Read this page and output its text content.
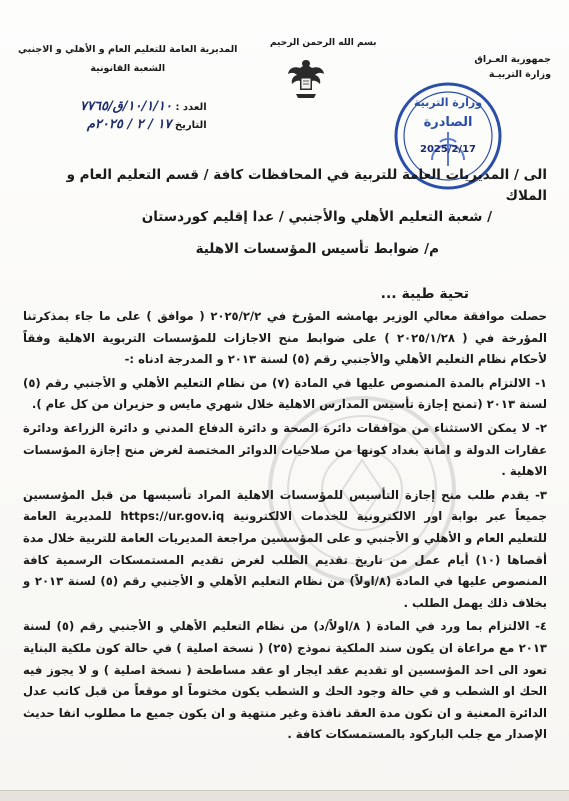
جمهورية العـراق
وزارة التربيـة
المديرية العامة للتعليم العام و الأهلي و الاجنبي
الشعبة القانونية
بسم الله الرحمن الرحيم
العدد : ١٠/١/١٠/ق/٧٧٦٥
التاريخ ١٧ / ٢ / ٢٠٢٥م
وزارة التربية
الصادرة
2025/2/17
الى / المديريات العامة للتربية في المحافظات كافة / قسم التعليم العام و الملاك
/ شعبة التعليم الأهلي والأجنبي / عدا إقليم كوردستان
م/ ضوابط تأسيس المؤسسات الاهلية
تحية طيبة ...

حصلت موافقة معالي الوزير بهامشه المؤرخ في ٢٠٢٥/٢/٢ ( موافق ) على ما جاء بمذكرتنا المؤرخة في ( ٢٠٢٥/١/٢٨ ) على ضوابط منح الاجازات للمؤسسات التربوية الاهلية وفقاً لأحكام نظام التعليم الأهلي والأجنبي رقم (٥) لسنة ٢٠١٣ و المدرجة ادناه :-

١- الالتزام بالمدة المنصوص عليها في المادة (٧) من نظام التعليم الأهلي و الأجنبي رقم (٥) لسنة ٢٠١٣ (تمنح إجازة تأسيس المدارس الاهلية خلال شهري مايس و حزيران من كل عام ).

٢- لا يمكن الاستثناء من موافقات دائرة الصحة و دائرة الدفاع المدني و دائرة الزراعة ودائرة عقارات الدولة و امانة بغداد كونها من صلاحيات الدوائر المختصة لغرض منح إجازة المؤسسات الاهلية .

٣- يقدم طلب منح إجازة التأسيس للمؤسسات الاهلية المراد تأسيسها من قبل المؤسسين جميعاً عبر بوابة اور الالكترونية للخدمات الالكترونية https://ur.gov.iq للمديرية العامة للتعليم العام و الأهلي و الأجنبي و على المؤسسين مراجعة المديريات العامة للتربية خلال مدة أقصاها (١٠) أيام عمل من تاريخ تقديم الطلب لغرض تقديم المستمسكات الرسمية كافة المنصوص عليها في المادة (٨/اولاً) من نظام التعليم الأهلي و الأجنبي رقم (٥) لسنة ٢٠١٣ و بخلاف ذلك يهمل الطلب .

٤- الالتزام بما ورد في المادة ( ٨/اولاً/د) من نظام التعليم الأهلي و الأجنبي رقم (٥) لسنة ٢٠١٣ مع مراعاة ان يكون سند الملكية نموذج (٢٥) ( نسخة اصلية ) في حالة كون ملكية البناية تعود الى احد المؤسسين او تقديم عقد ايجار او عقد مساطحة ( نسخة اصلية ) و لا يجوز فيه الحك او الشطب و في حالة وجود الحك و الشطب يكون مختوماً او موقعاً من قبل كاتب عدل الدائرة المعنية و ان تكون مدة العقد نافذة وغير منتهية و ان يكون جميع ما مطلوب انفا حديث الإصدار مع جلب الباركود بالمستمسكات كافة .
